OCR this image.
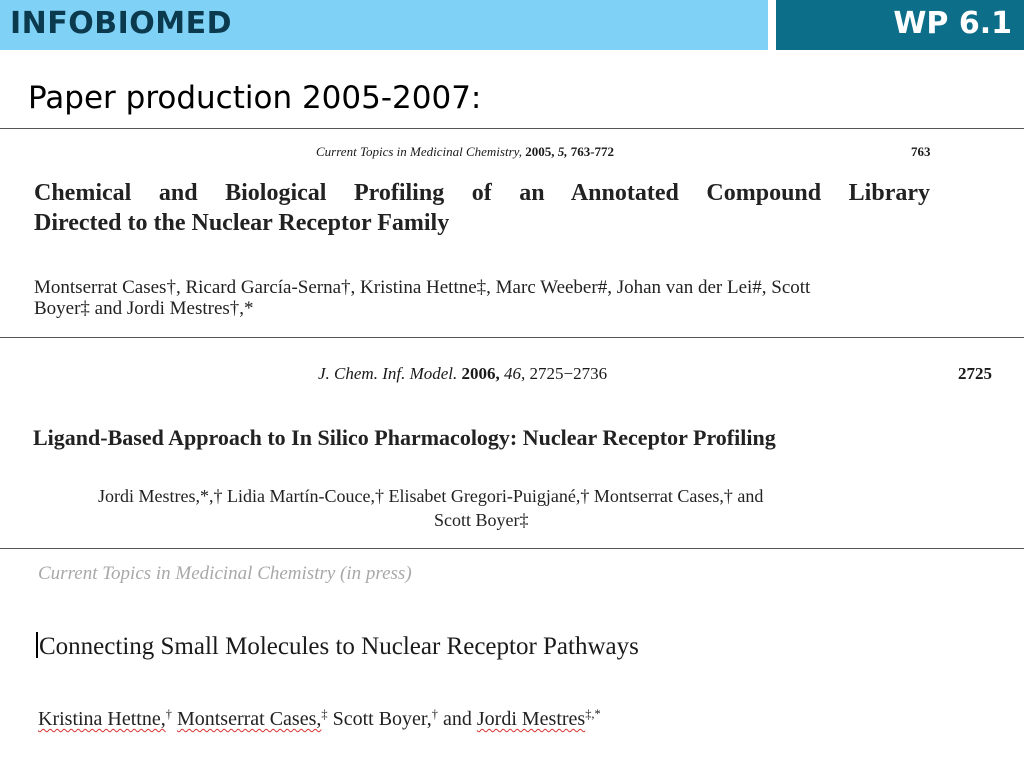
INFOBIOMED	WP 6.1
Paper production 2005-2007:
Current Topics in Medicinal Chemistry, 2005, 5, 763-772	763
Chemical and Biological Profiling of an Annotated Compound Library
Directed to the Nuclear Receptor Family
Montserrat Cases†, Ricard García-Serna†, Kristina Hettne‡, Marc Weeber#, Johan van der Lei#, Scott
Boyer‡ and Jordi Mestres†,*
J. Chem. Inf. Model. 2006, 46, 2725−2736	2725
Ligand-Based Approach to In Silico Pharmacology: Nuclear Receptor Profiling
Jordi Mestres,*,† Lidia Martín-Couce,† Elisabet Gregori-Puigjané,† Montserrat Cases,† and
Scott Boyer‡
Current Topics in Medicinal Chemistry (in press)
Connecting Small Molecules to Nuclear Receptor Pathways
Kristina Hettne,† Montserrat Cases,‡ Scott Boyer,† and Jordi Mestres‡,*
